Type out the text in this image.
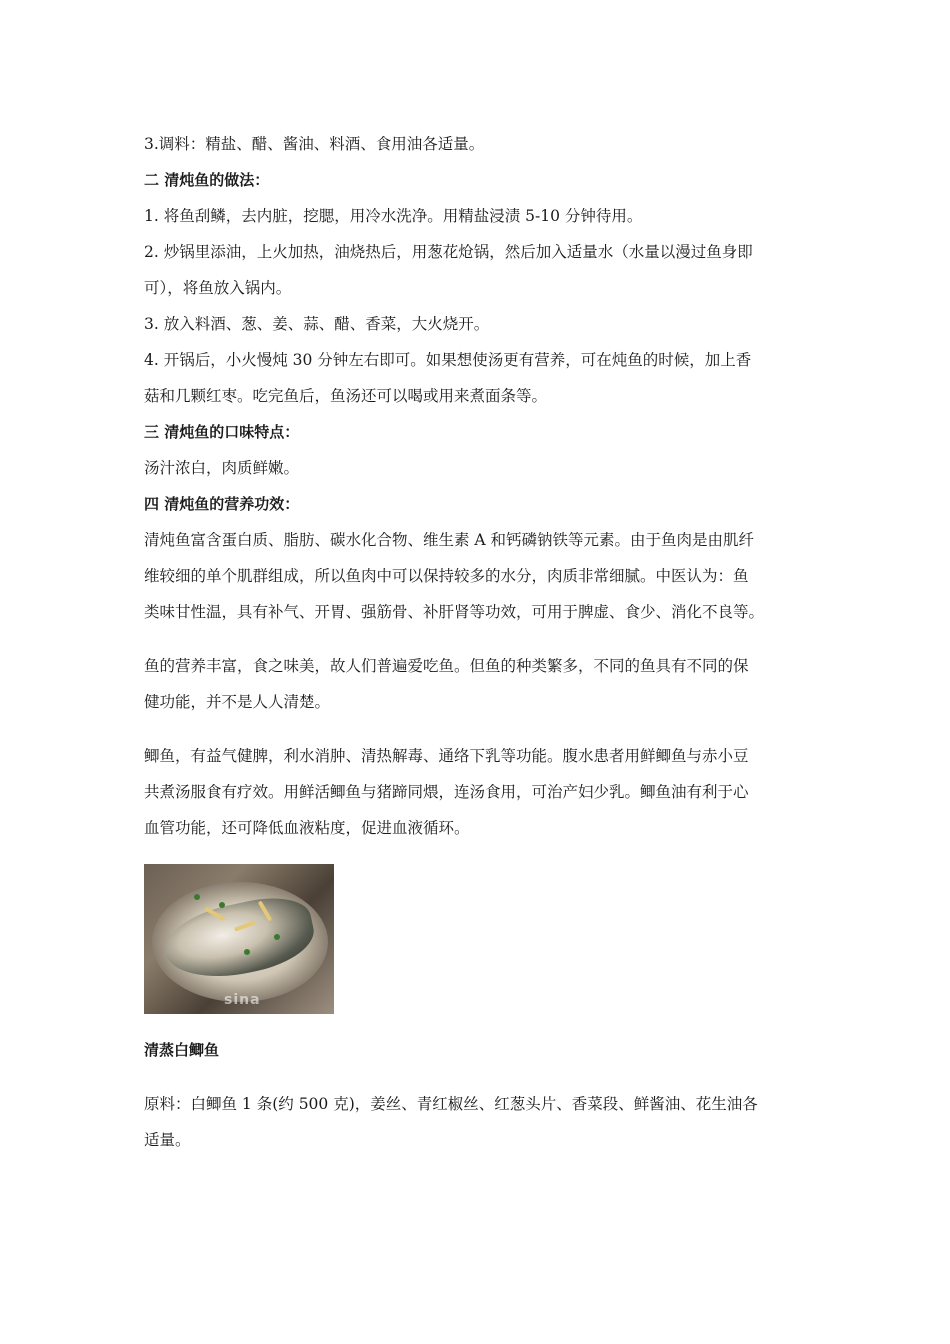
3.调料：精盐、醋、酱油、料酒、食用油各适量。

二 清炖鱼的做法：

1. 将鱼刮鳞，去内脏，挖腮，用冷水洗净。用精盐浸渍 5-10 分钟待用。

2. 炒锅里添油，上火加热，油烧热后，用葱花炝锅，然后加入适量水（水量以漫过鱼身即

可），将鱼放入锅内。

3. 放入料酒、葱、姜、蒜、醋、香菜，大火烧开。

4. 开锅后，小火慢炖 30 分钟左右即可。如果想使汤更有营养，可在炖鱼的时候，加上香

菇和几颗红枣。吃完鱼后，鱼汤还可以喝或用来煮面条等。

三 清炖鱼的口味特点：

汤汁浓白，肉质鲜嫩。

四 清炖鱼的营养功效：

清炖鱼富含蛋白质、脂肪、碳水化合物、维生素 A 和钙磷钠铁等元素。由于鱼肉是由肌纤

维较细的单个肌群组成，所以鱼肉中可以保持较多的水分，肉质非常细腻。中医认为：鱼

类味甘性温，具有补气、开胃、强筋骨、补肝肾等功效，可用于脾虚、食少、消化不良等。

鱼的营养丰富，食之味美，故人们普遍爱吃鱼。但鱼的种类繁多，不同的鱼具有不同的保

健功能，并不是人人清楚。

鲫鱼，有益气健脾，利水消肿、清热解毒、通络下乳等功能。腹水患者用鲜鲫鱼与赤小豆

共煮汤服食有疗效。用鲜活鲫鱼与猪蹄同煨，连汤食用，可治产妇少乳。鲫鱼油有利于心

血管功能，还可降低血液粘度，促进血液循环。

sina

清蒸白鲫鱼

原料：白鲫鱼 1 条(约 500 克)，姜丝、青红椒丝、红葱头片、香菜段、鲜酱油、花生油各

适量。
